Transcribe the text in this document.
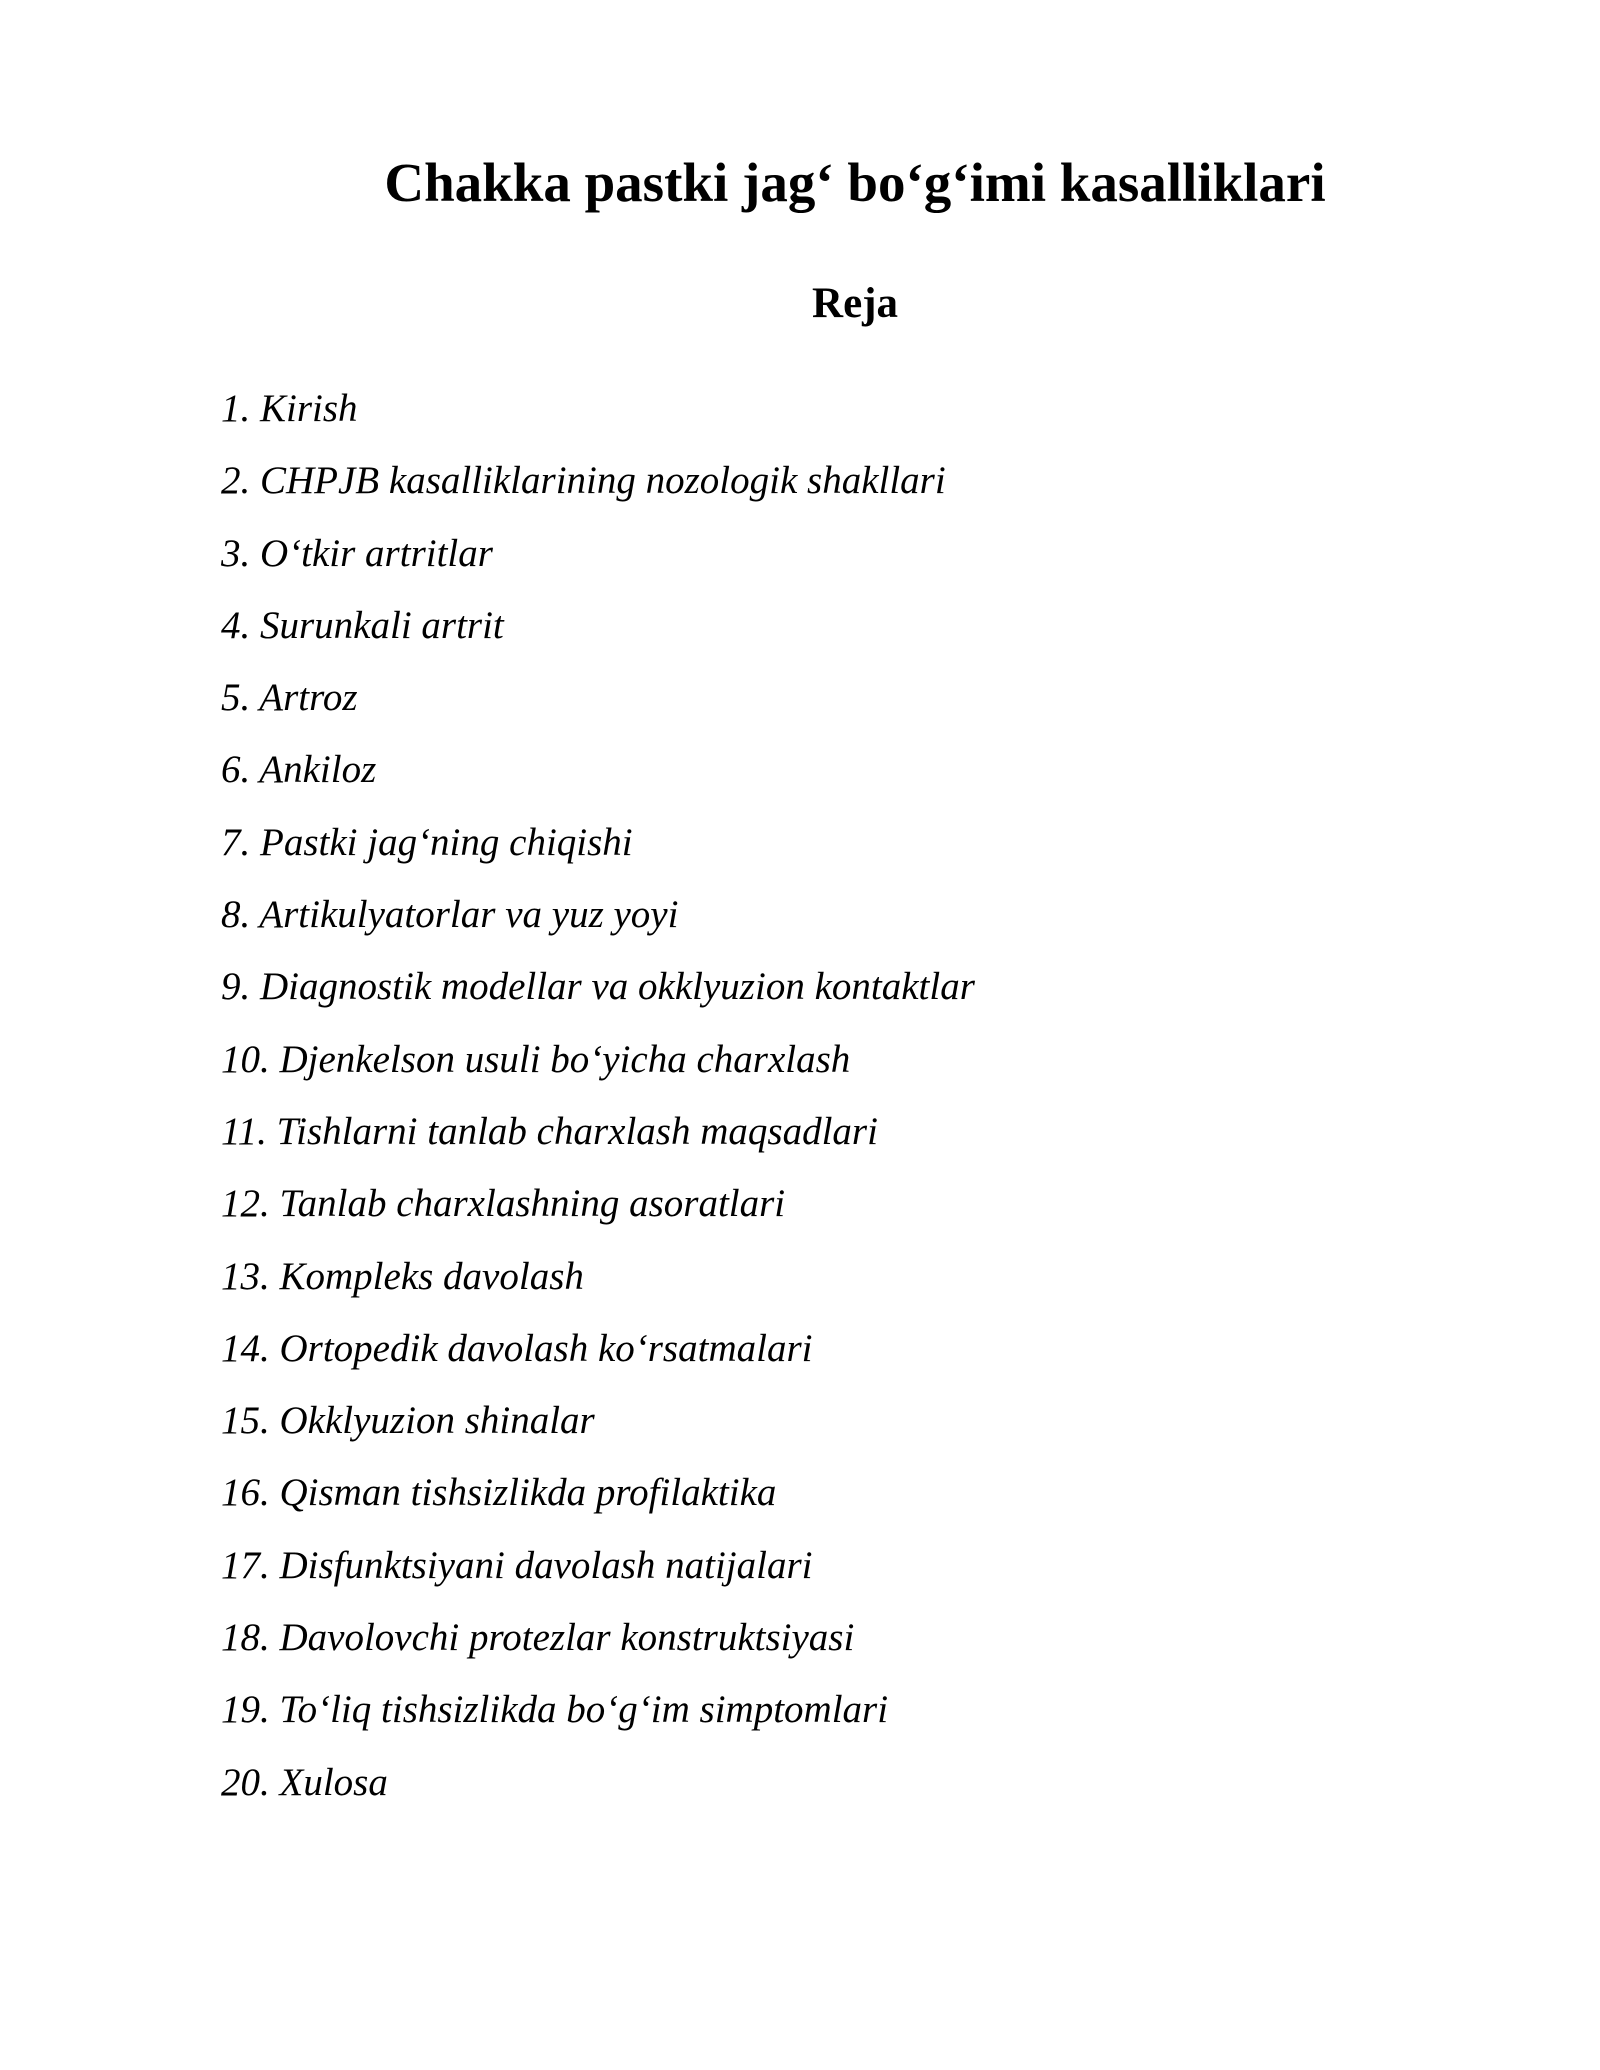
Chakka pastki jag‘ bo‘g‘imi kasalliklari
Reja
1. Kirish
2. CHPJB kasalliklarining nozologik shakllari
3. O‘tkir artritlar
4. Surunkali artrit
5. Artroz
6. Ankiloz
7. Pastki jag‘ning chiqishi
8. Artikulyatorlar va yuz yoyi
9. Diagnostik modellar va okklyuzion kontaktlar
10. Djenkelson usuli bo‘yicha charxlash
11. Tishlarni tanlab charxlash maqsadlari
12. Tanlab charxlashning asoratlari
13. Kompleks davolash
14. Ortopedik davolash ko‘rsatmalari
15. Okklyuzion shinalar
16. Qisman tishsizlikda profilaktika
17. Disfunktsiyani davolash natijalari
18. Davolovchi protezlar konstruktsiyasi
19. To‘liq tishsizlikda bo‘g‘im simptomlari
20. Xulosa
